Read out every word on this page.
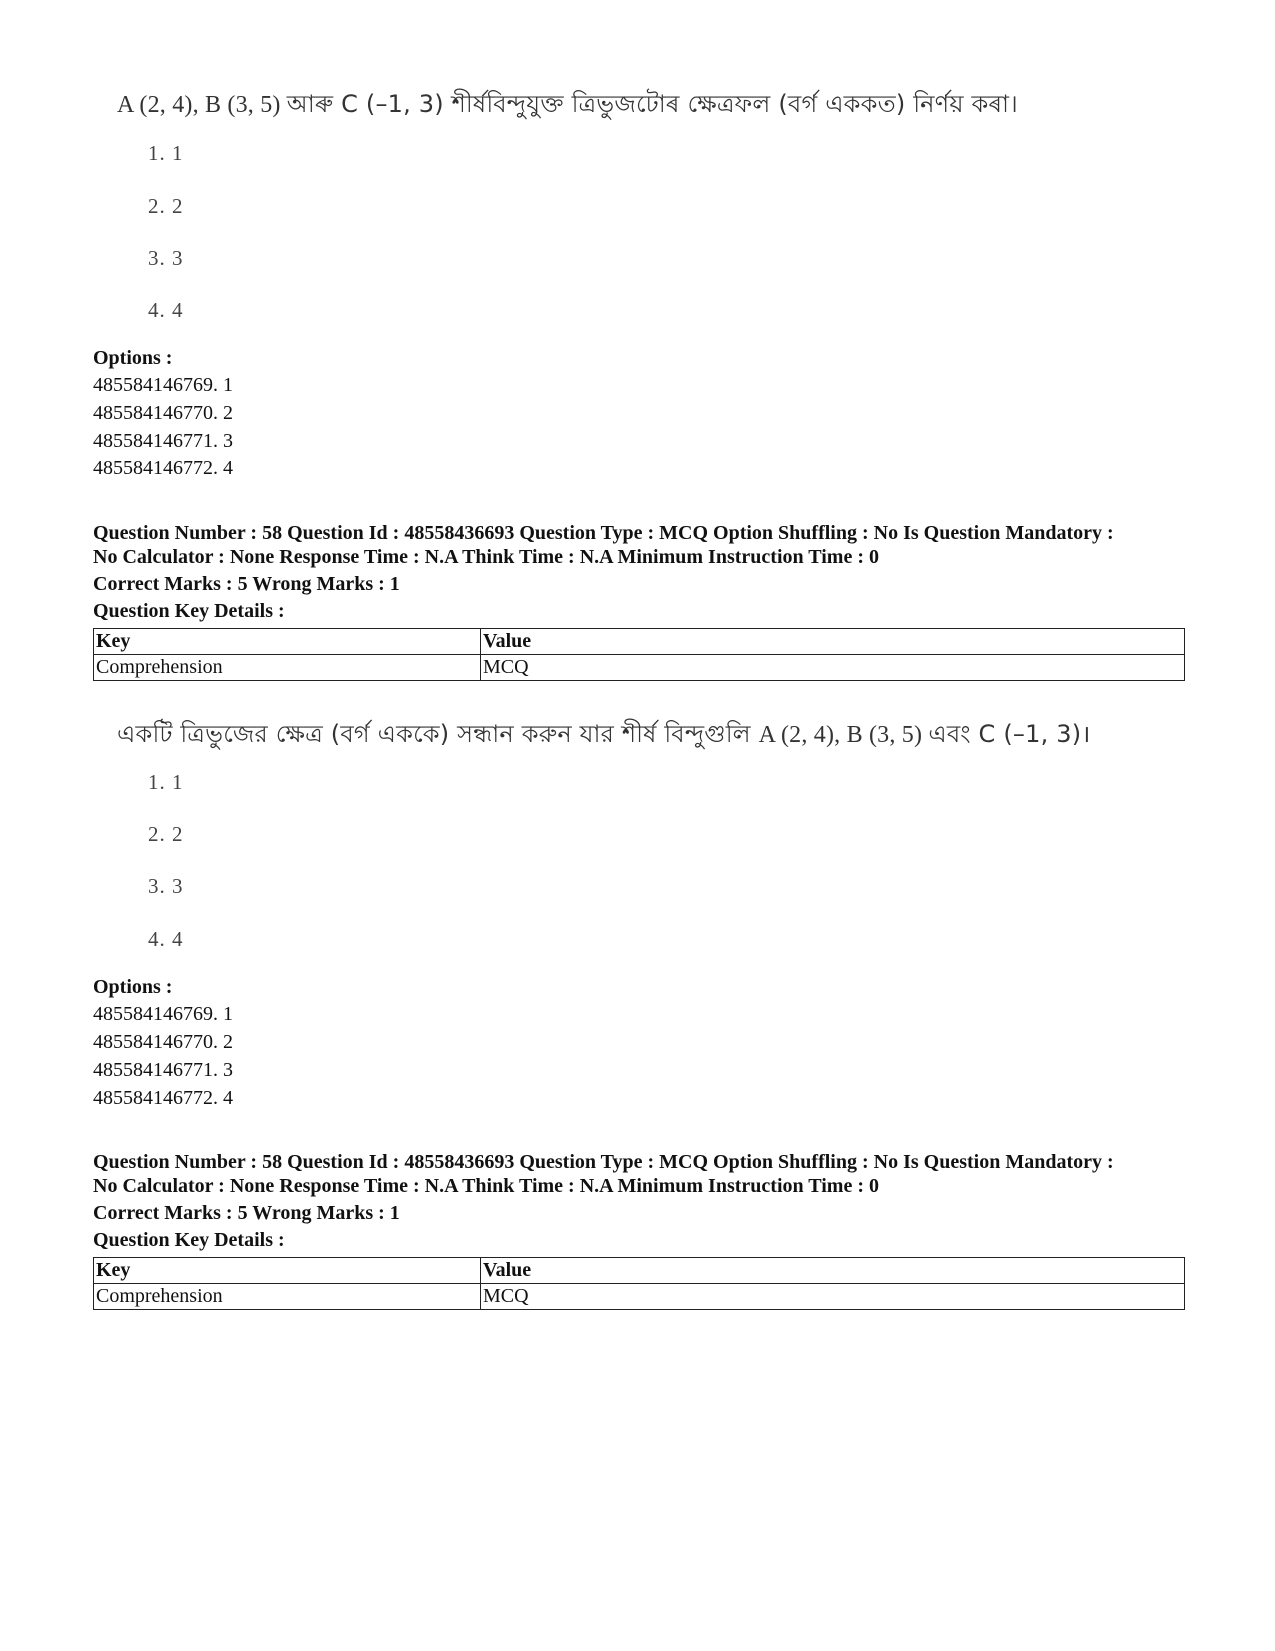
A (2, 4), B (3, 5) আৰু C (–1, 3) শীৰ্ষবিন্দুযুক্ত ত্ৰিভুজটোৰ ক্ষেত্ৰফল (বৰ্গ এককত) নিৰ্ণয় কৰা।
1. 1
2. 2
3. 3
4. 4
Options :
485584146769. 1
485584146770. 2
485584146771. 3
485584146772. 4
Question Number : 58 Question Id : 48558436693 Question Type : MCQ Option Shuffling : No Is Question Mandatory :
No Calculator : None Response Time : N.A Think Time : N.A Minimum Instruction Time : 0
Correct Marks : 5 Wrong Marks : 1
Question Key Details :
Key	Value
Comprehension	MCQ
একটি ত্রিভুজের ক্ষেত্র (বর্গ এককে) সন্ধান করুন যার শীর্ষ বিন্দুগুলি A (2, 4), B (3, 5) এবং C (–1, 3)।
1. 1
2. 2
3. 3
4. 4
Options :
485584146769. 1
485584146770. 2
485584146771. 3
485584146772. 4
Question Number : 58 Question Id : 48558436693 Question Type : MCQ Option Shuffling : No Is Question Mandatory :
No Calculator : None Response Time : N.A Think Time : N.A Minimum Instruction Time : 0
Correct Marks : 5 Wrong Marks : 1
Question Key Details :
Key	Value
Comprehension	MCQ
